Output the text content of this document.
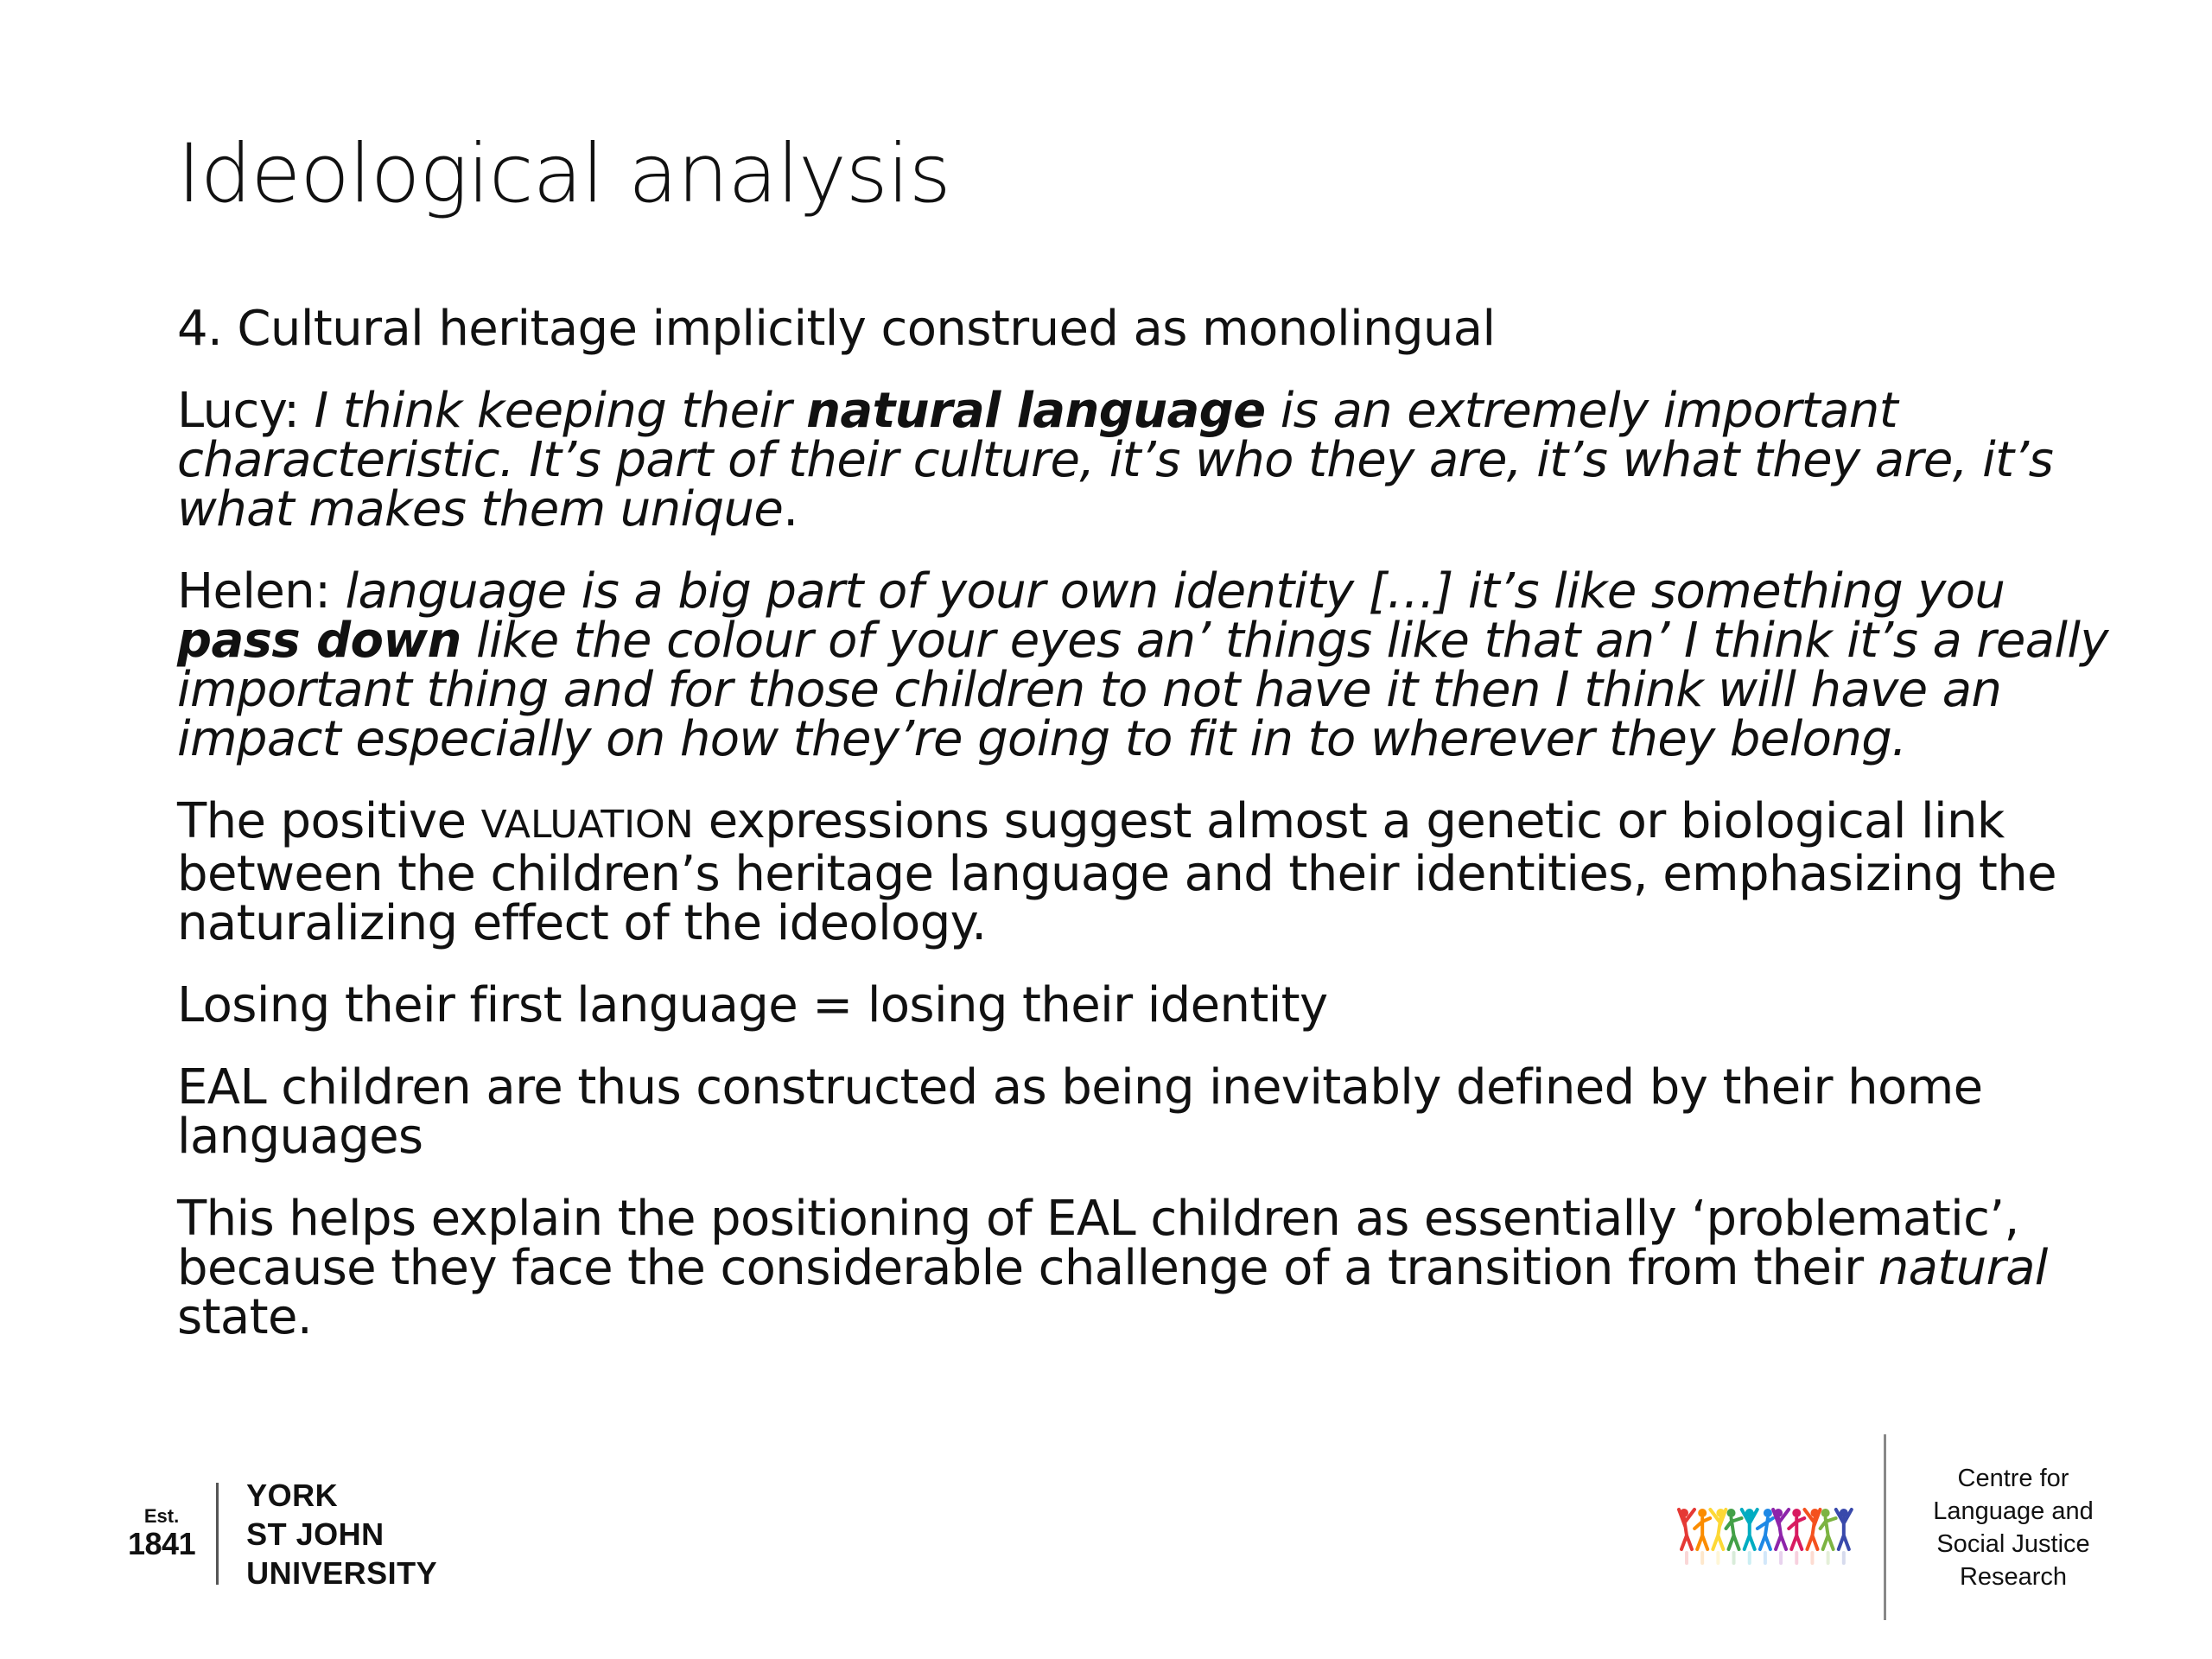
Ideological analysis

4. Cultural heritage implicitly construed as monolingual

Lucy: I think keeping their natural language is an extremely important characteristic. It’s part of their culture, it’s who they are, it’s what they are, it’s what makes them unique.

Helen: language is a big part of your own identity […] it’s like something you pass down like the colour of your eyes an’ things like that an’ I think it’s a really important thing and for those children to not have it then I think will have an impact especially on how they’re going to fit in to wherever they belong.

The positive VALUATION expressions suggest almost a genetic or biological link between the children’s heritage language and their identities, emphasizing the naturalizing effect of the ideology.

Losing their first language = losing their identity

EAL children are thus constructed as being inevitably defined by their home languages

This helps explain the positioning of EAL children as essentially ‘problematic’, because they face the considerable challenge of a transition from their natural state.

Est.
1841
YORK
ST JOHN
UNIVERSITY
Centre for
Language and
Social Justice
Research
